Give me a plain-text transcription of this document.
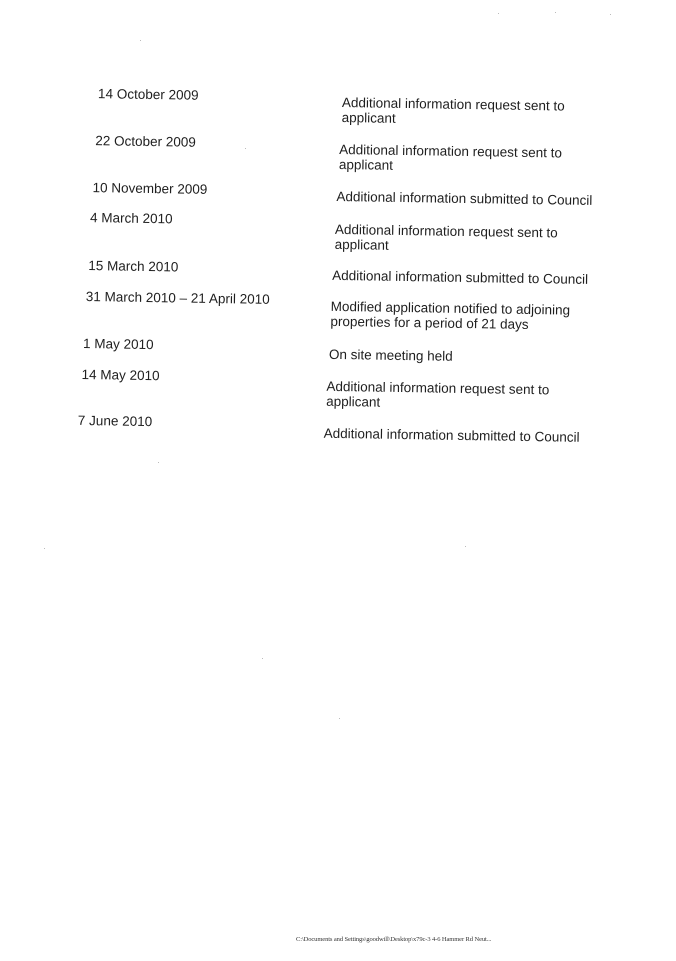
14 October 2009
Additional information request sent to applicant
22 October 2009
Additional information request sent to applicant
10 November 2009
Additional information submitted to Council
4 March 2010
Additional information request sent to applicant
15 March 2010
Additional information submitted to Council
31 March 2010 – 21 April 2010
Modified application notified to adjoining properties for a period of 21 days
1 May 2010
On site meeting held
14 May 2010
Additional information request sent to applicant
7 June 2010
Additional information submitted to Council
C:\Documents and Settings\goodwill\Desktop\x79c-3 4-6 Hammer Rd Neut...
